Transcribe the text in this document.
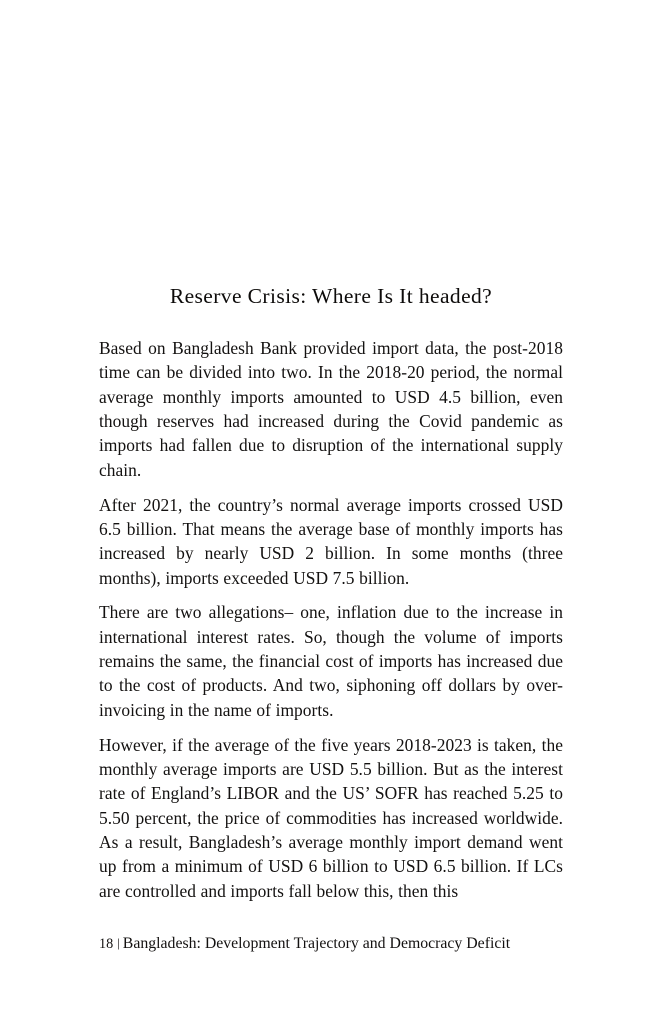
Reserve Crisis: Where Is It headed?

Based on Bangladesh Bank provided import data, the post-2018 time can be divided into two. In the 2018-20 period, the normal average monthly imports amounted to USD 4.5 billion, even though reserves had increased during the Covid pandemic as imports had fallen due to disruption of the international supply chain.

After 2021, the country’s normal average imports crossed USD 6.5 billion. That means the average base of monthly imports has increased by nearly USD 2 billion. In some months (three months), imports exceeded USD 7.5 billion.

There are two allegations– one, inflation due to the increase in international interest rates. So, though the volume of imports remains the same, the financial cost of imports has increased due to the cost of products. And two, siphoning off dollars by over-invoicing in the name of imports.

However, if the average of the five years 2018-2023 is taken, the monthly average imports are USD 5.5 billion. But as the interest rate of England’s LIBOR and the US’ SOFR has reached 5.25 to 5.50 percent, the price of commodities has increased worldwide. As a result, Bangladesh’s average monthly import demand went up from a minimum of USD 6 billion to USD 6.5 billion. If LCs are controlled and imports fall below this, then this

18 | Bangladesh: Development Trajectory and Democracy Deficit
